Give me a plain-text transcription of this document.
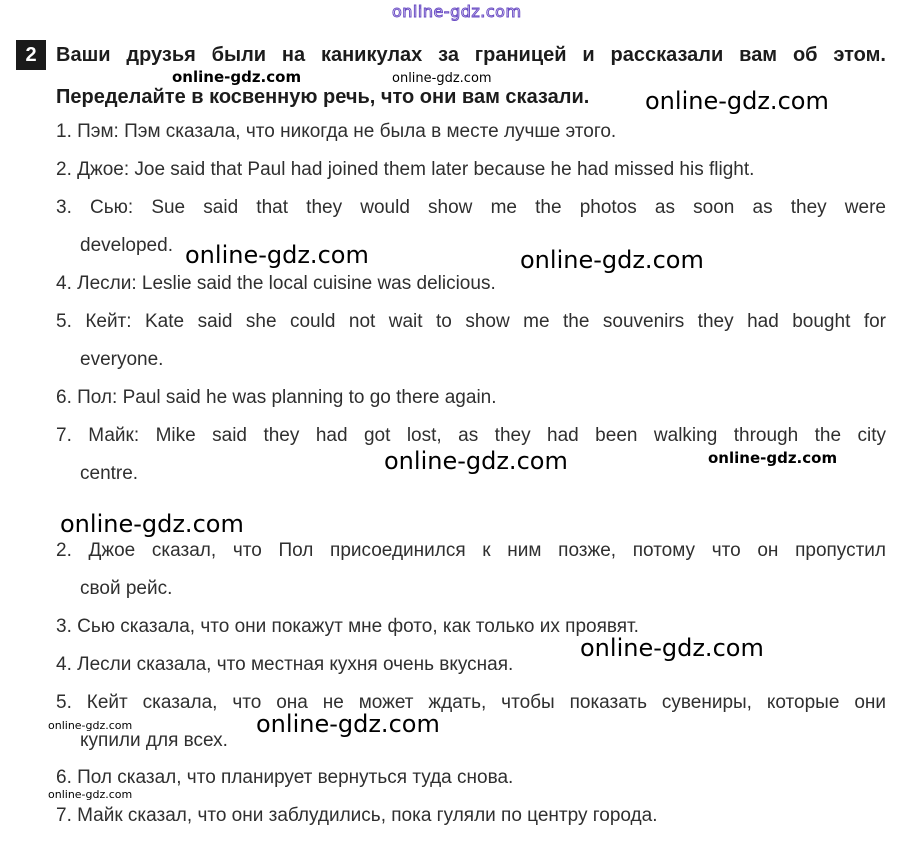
online-gdz.com
2 Ваши друзья были на каникулах за границей и рассказали вам об этом.
Переделайте в косвенную речь, что они вам сказали.
1. Пэм: Пэм сказала, что никогда не была в месте лучше этого.
2. Джое: Joe said that Paul had joined them later because he had missed his flight.
3. Сью: Sue said that they would show me the photos as soon as they were
developed.
4. Лесли: Leslie said the local cuisine was delicious.
5. Кейт: Kate said she could not wait to show me the souvenirs they had bought for
everyone.
6. Пол: Paul said he was planning to go there again.
7. Майк: Mike said they had got lost, as they had been walking through the city
centre.
2. Джое сказал, что Пол присоединился к ним позже, потому что он пропустил
свой рейс.
3. Сью сказала, что они покажут мне фото, как только их проявят.
4. Лесли сказала, что местная кухня очень вкусная.
5. Кейт сказала, что она не может ждать, чтобы показать сувениры, которые они
купили для всех.
6. Пол сказал, что планирует вернуться туда снова.
7. Майк сказал, что они заблудились, пока гуляли по центру города.
online-gdz.com	online-gdz.com
online-gdz.com
online-gdz.com	online-gdz.com
online-gdz.com	online-gdz.com
online-gdz.com
online-gdz.com
online-gdz.com	online-gdz.com
online-gdz.com
